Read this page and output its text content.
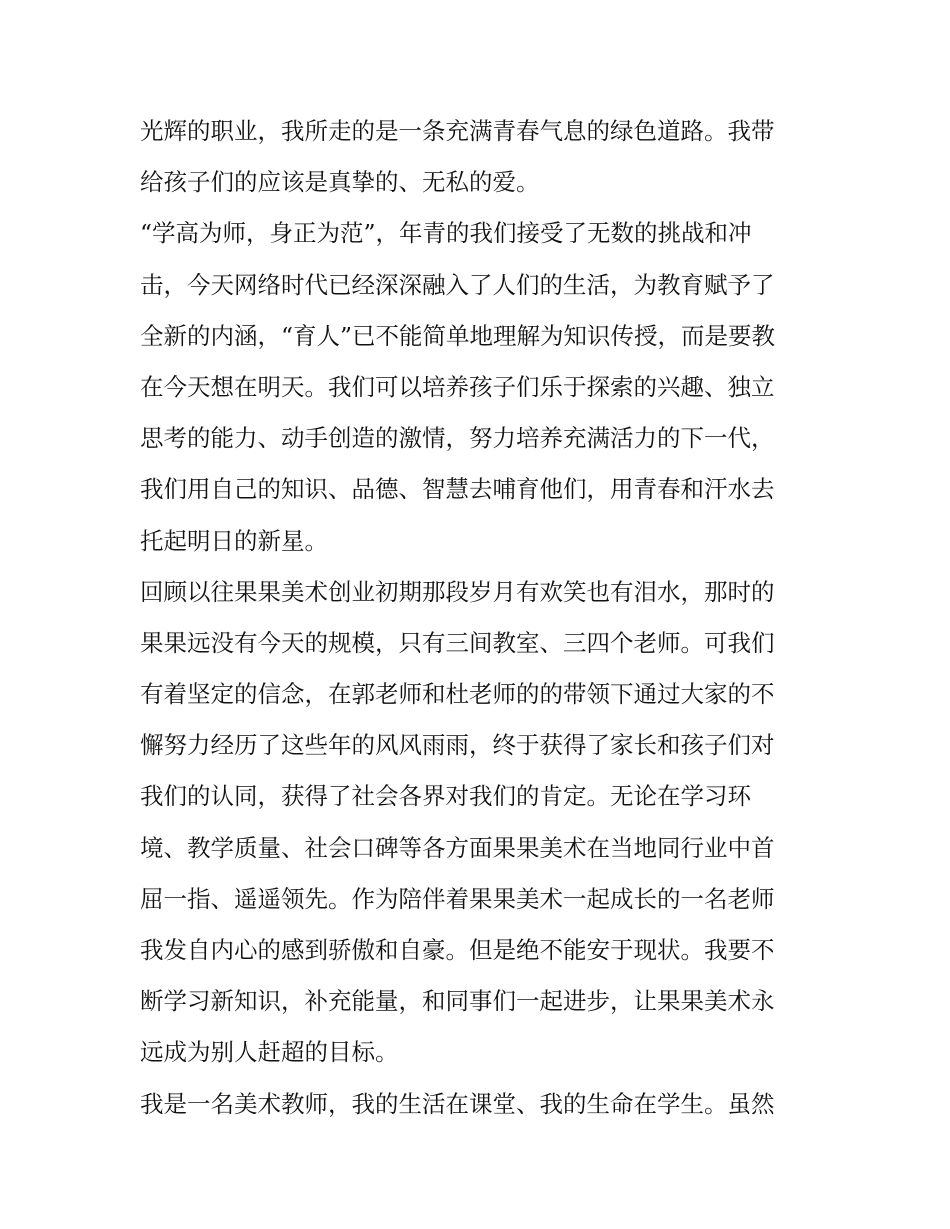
光辉的职业，我所走的是一条充满青春气息的绿色道路。我带
给孩子们的应该是真挚的、无私的爱。
“学高为师，身正为范”，年青的我们接受了无数的挑战和冲
击，今天网络时代已经深深融入了人们的生活，为教育赋予了
全新的内涵，“育人”已不能简单地理解为知识传授，而是要教
在今天想在明天。我们可以培养孩子们乐于探索的兴趣、独立
思考的能力、动手创造的激情，努力培养充满活力的下一代，
我们用自己的知识、品德、智慧去哺育他们，用青春和汗水去
托起明日的新星。
回顾以往果果美术创业初期那段岁月有欢笑也有泪水，那时的
果果远没有今天的规模，只有三间教室、三四个老师。可我们
有着坚定的信念，在郭老师和杜老师的的带领下通过大家的不
懈努力经历了这些年的风风雨雨，终于获得了家长和孩子们对
我们的认同，获得了社会各界对我们的肯定。无论在学习环
境、教学质量、社会口碑等各方面果果美术在当地同行业中首
屈一指、遥遥领先。作为陪伴着果果美术一起成长的一名老师
我发自内心的感到骄傲和自豪。但是绝不能安于现状。我要不
断学习新知识，补充能量，和同事们一起进步，让果果美术永
远成为别人赶超的目标。
我是一名美术教师，我的生活在课堂、我的生命在学生。虽然
